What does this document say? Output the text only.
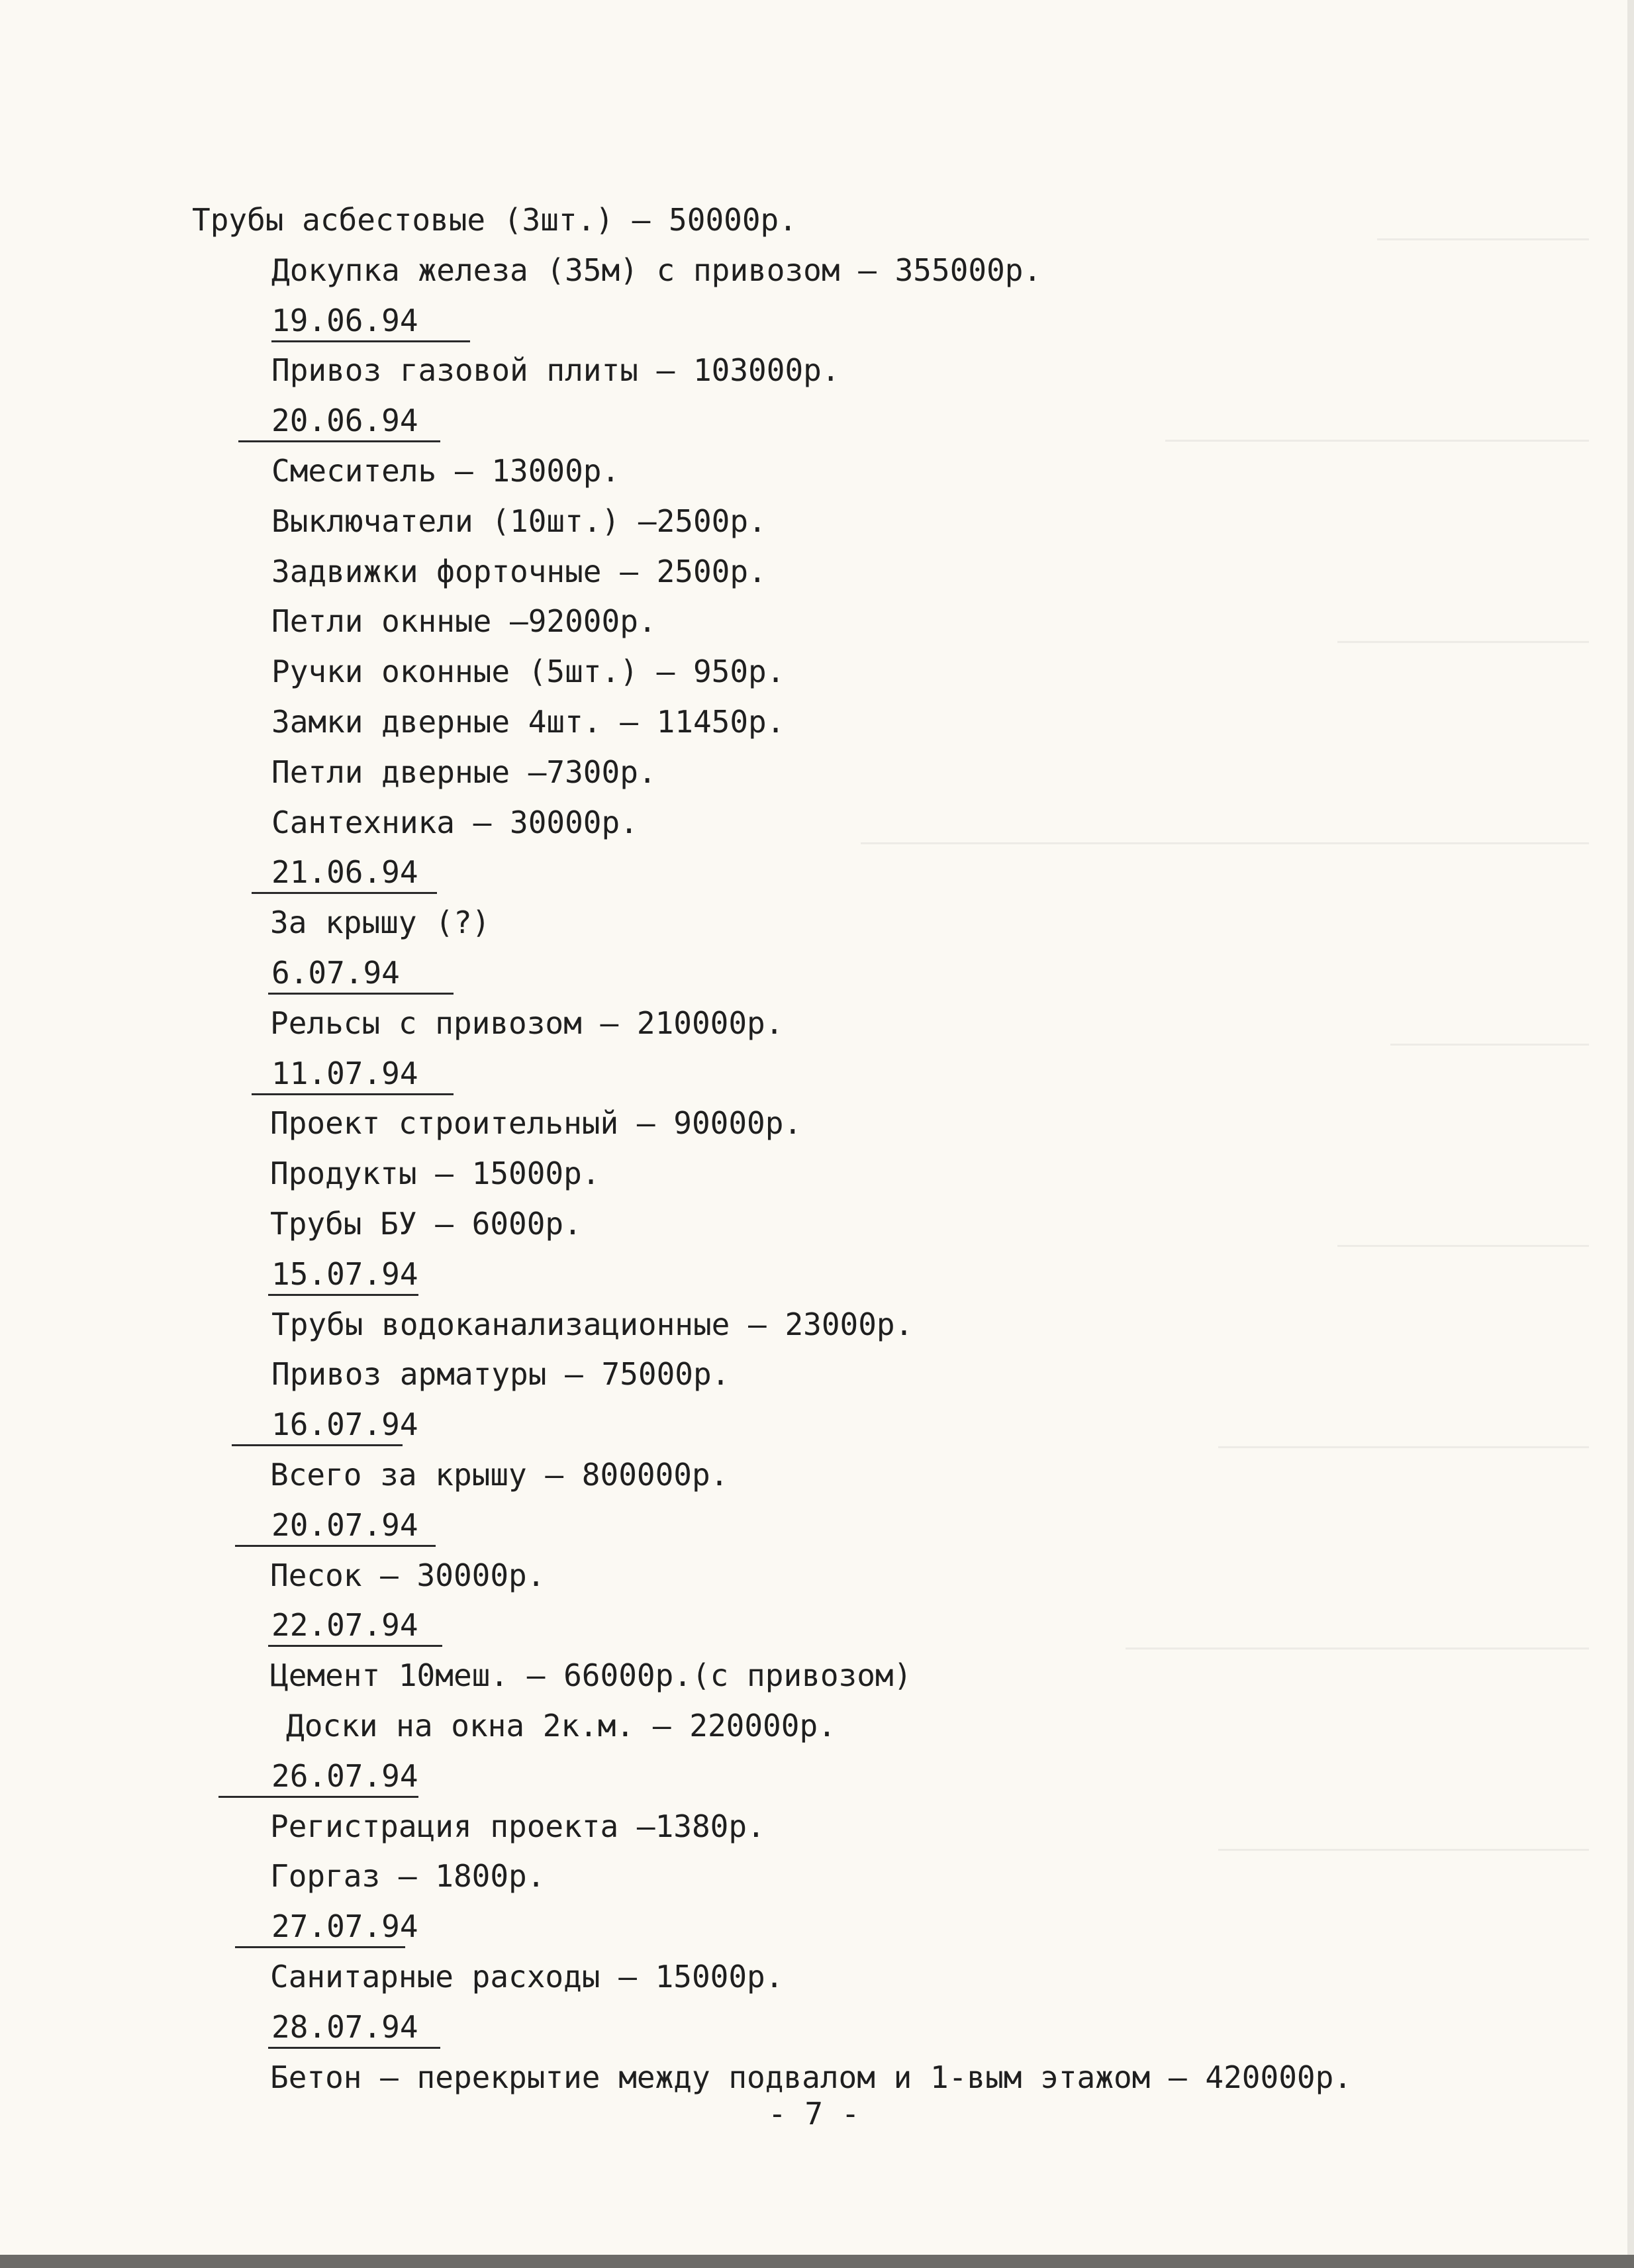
Трубы асбестовые (3шт.) — 50000р.
Докупка железа (35м) с привозом — 355000р.
19.06.94
Привоз газовой плиты — 103000р.
20.06.94
Смеситель — 13000р.
Выключатели (10шт.) —2500р.
Задвижки форточные — 2500р.
Петли окнные —92000р.
Ручки оконные (5шт.) — 950р.
Замки дверные 4шт. — 11450р.
Петли дверные —7300р.
Сантехника — 30000р.
21.06.94
За крышу (?)
6.07.94
Рельсы с привозом — 210000р.
11.07.94
Проект строительный — 90000р.
Продукты — 15000р.
Трубы БУ — 6000р.
15.07.94
Трубы водоканализационные — 23000р.
Привоз арматуры — 75000р.
16.07.94
Всего за крышу — 800000р.
20.07.94
Песок — 30000р.
22.07.94
Цемент 10меш. — 66000р.(с привозом)
Доски на окна 2к.м. — 220000р.
26.07.94
Регистрация проекта —1380р.
Горгаз — 1800р.
27.07.94
Санитарные расходы — 15000р.
28.07.94
Бетон — перекрытие между подвалом и 1-вым этажом — 420000р.
- 7 -
